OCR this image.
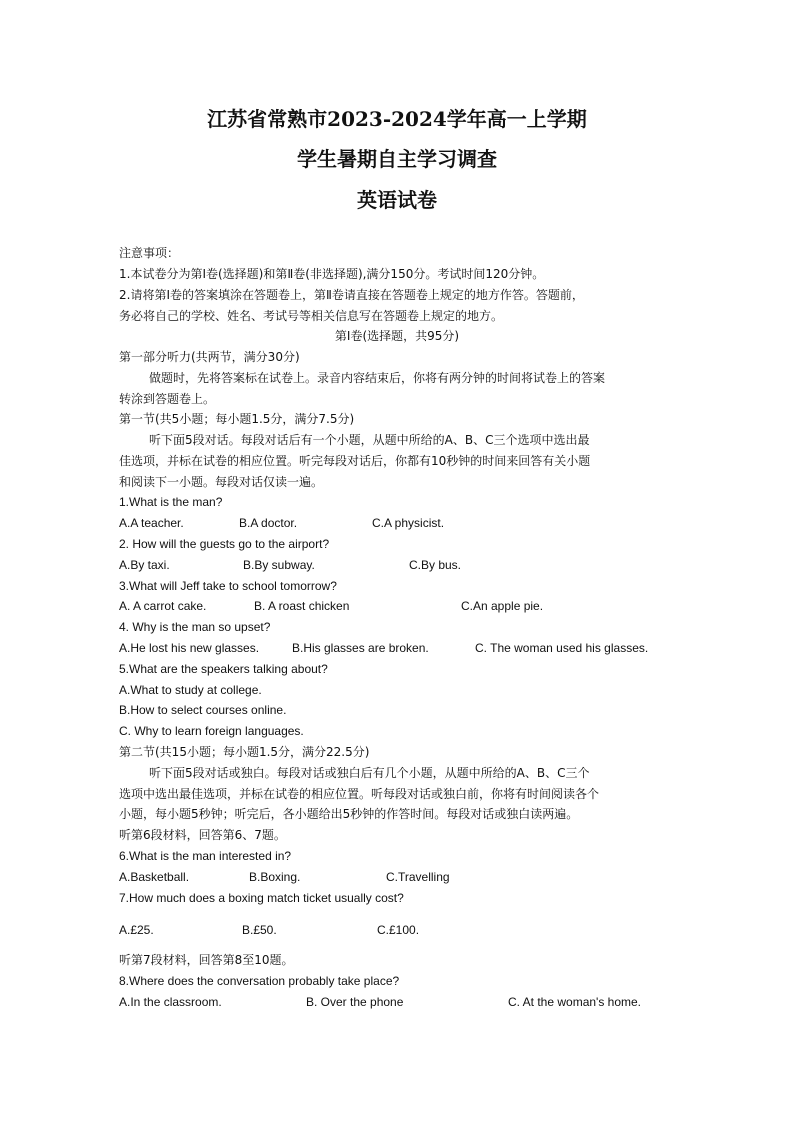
江苏省常熟市2023-2024学年高一上学期
学生暑期自主学习调查
英语试卷
注意事项：
1.本试卷分为第Ⅰ卷(选择题)和第Ⅱ卷(非选择题),满分150分。考试时间120分钟。
2.请将第Ⅰ卷的答案填涂在答题卷上，第Ⅱ卷请直接在答题卷上规定的地方作答。答题前，
务必将自己的学校、姓名、考试号等相关信息写在答题卷上规定的地方。
第Ⅰ卷(选择题，共95分)
第一部分听力(共两节，满分30分)
做题时，先将答案标在试卷上。录音内容结束后，你将有两分钟的时间将试卷上的答案
转涂到答题卷上。
第一节(共5小题；每小题1.5分，满分7.5分)
听下面5段对话。每段对话后有一个小题，从题中所给的A、B、C三个选项中选出最
佳选项，并标在试卷的相应位置。听完每段对话后，你都有10秒钟的时间来回答有关小题
和阅读下一小题。每段对话仅读一遍。
1.What is the man?
A.A teacher.	B.A doctor.	C.A physicist.
2. How will the guests go to the airport?
A.By taxi.	B.By subway.	C.By bus.
3.What will Jeff take to school tomorrow?
A. A carrot cake.	B. A roast chicken	C.An apple pie.
4. Why is the man so upset?
A.He lost his new glasses.	B.His glasses are broken.	C. The woman used his glasses.
5.What are the speakers talking about?
A.What to study at college.
B.How to select courses online.
C. Why to learn foreign languages.
第二节(共15小题；每小题1.5分，满分22.5分)
听下面5段对话或独白。每段对话或独白后有几个小题，从题中所给的A、B、C三个
选项中选出最佳选项，并标在试卷的相应位置。听每段对话或独白前，你将有时间阅读各个
小题，每小题5秒钟；听完后，各小题给出5秒钟的作答时间。每段对话或独白读两遍。
听第6段材料，回答第6、7题。
6.What is the man interested in?
A.Basketball.	B.Boxing.	C.Travelling
7.How much does a boxing match ticket usually cost?
A.£25.	B.£50.	C.£100.
听第7段材料，回答第8至10题。
8.Where does the conversation probably take place?
A.In the classroom.	B. Over the phone	C. At the woman's home.
